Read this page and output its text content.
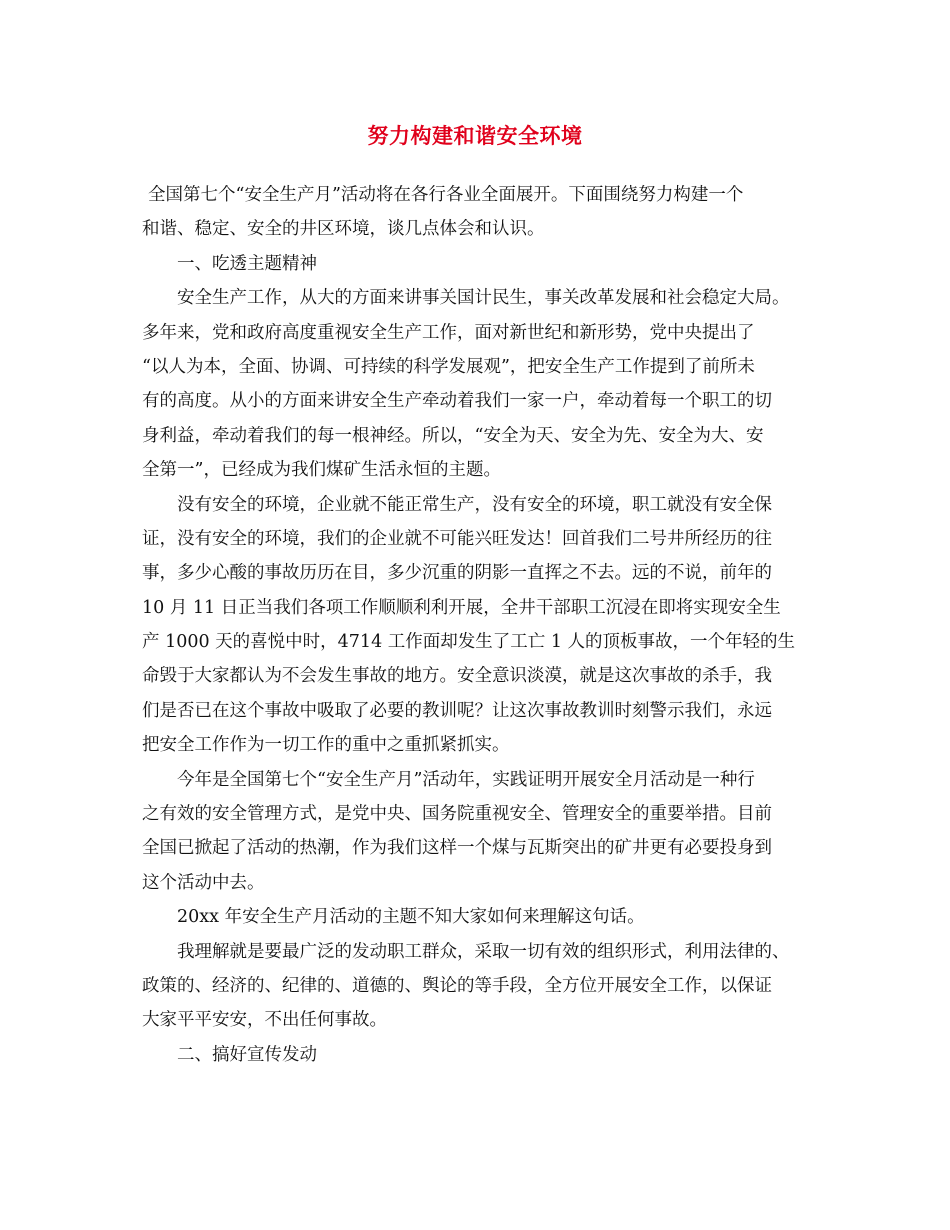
努力构建和谐安全环境
全国第七个“安全生产月”活动将在各行各业全面展开。下面围绕努力构建一个
和谐、稳定、安全的井区环境，谈几点体会和认识。
一、吃透主题精神
安全生产工作，从大的方面来讲事关国计民生，事关改革发展和社会稳定大局。
多年来，党和政府高度重视安全生产工作，面对新世纪和新形势，党中央提出了
“以人为本，全面、协调、可持续的科学发展观”，把安全生产工作提到了前所未
有的高度。从小的方面来讲安全生产牵动着我们一家一户，牵动着每一个职工的切
身利益，牵动着我们的每一根神经。所以，“安全为天、安全为先、安全为大、安
全第一”，已经成为我们煤矿生活永恒的主题。
没有安全的环境，企业就不能正常生产，没有安全的环境，职工就没有安全保
证，没有安全的环境，我们的企业就不可能兴旺发达！回首我们二号井所经历的往
事，多少心酸的事故历历在目，多少沉重的阴影一直挥之不去。远的不说，前年的
10 月 11 日正当我们各项工作顺顺利利开展，全井干部职工沉浸在即将实现安全生
产 1000 天的喜悦中时，4714 工作面却发生了工亡 1 人的顶板事故，一个年轻的生
命毁于大家都认为不会发生事故的地方。安全意识淡漠，就是这次事故的杀手，我
们是否已在这个事故中吸取了必要的教训呢？让这次事故教训时刻警示我们，永远
把安全工作作为一切工作的重中之重抓紧抓实。
今年是全国第七个“安全生产月”活动年，实践证明开展安全月活动是一种行
之有效的安全管理方式，是党中央、国务院重视安全、管理安全的重要举措。目前
全国已掀起了活动的热潮，作为我们这样一个煤与瓦斯突出的矿井更有必要投身到
这个活动中去。
20xx 年安全生产月活动的主题不知大家如何来理解这句话。
我理解就是要最广泛的发动职工群众，采取一切有效的组织形式，利用法律的、
政策的、经济的、纪律的、道德的、舆论的等手段，全方位开展安全工作，以保证
大家平平安安，不出任何事故。
二、搞好宣传发动
